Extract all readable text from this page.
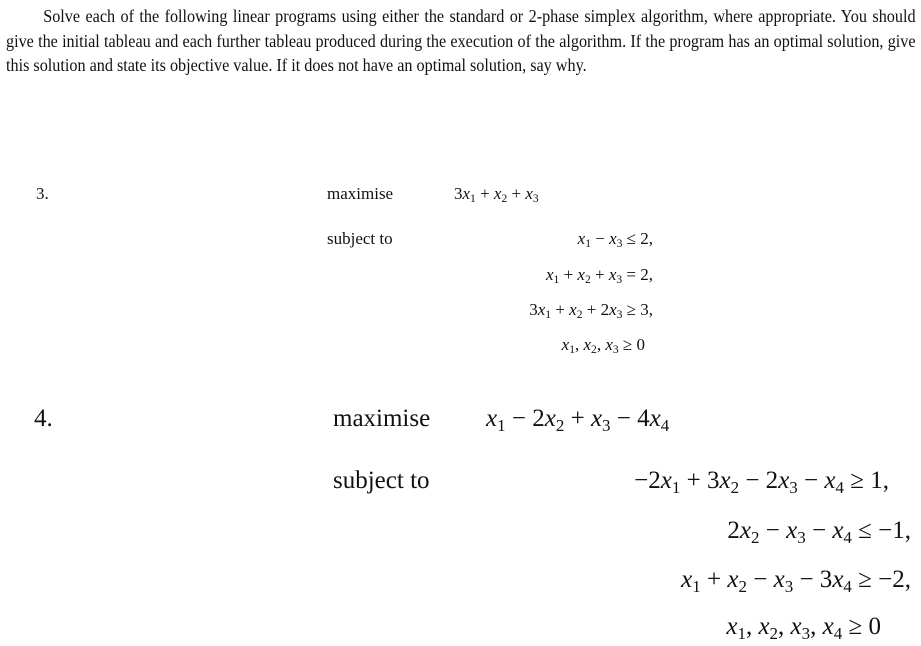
Solve each of the following linear programs using either the standard or 2-phase simplex algorithm, where appropriate. You should give the initial tableau and each further tableau produced during the execution of the algorithm. If the program has an optimal solution, give this solution and state its objective value. If it does not have an optimal solution, say why.
3.	maximise	$3x_1 + x_2 + x_3$
subject to	$x_1 - x_3 \le 2$,
$x_1 + x_2 + x_3 = 2$,
$3x_1 + x_2 + 2x_3 \ge 3$,
$x_1$, $x_2$, $x_3 \ge 0$
4.	maximise $x_1 - 2x_2 + x_3 - 4x_4$
subject to	$-2x_1 + 3x_2 - 2x_3 - x_4 \ge 1$,
$2x_2 - x_3 - x_4 \le -1$,
$x_1 + x_2 - x_3 - 3x_4 \ge -2$,
$x_1$, $x_2$, $x_3$, $x_4 \ge 0$
